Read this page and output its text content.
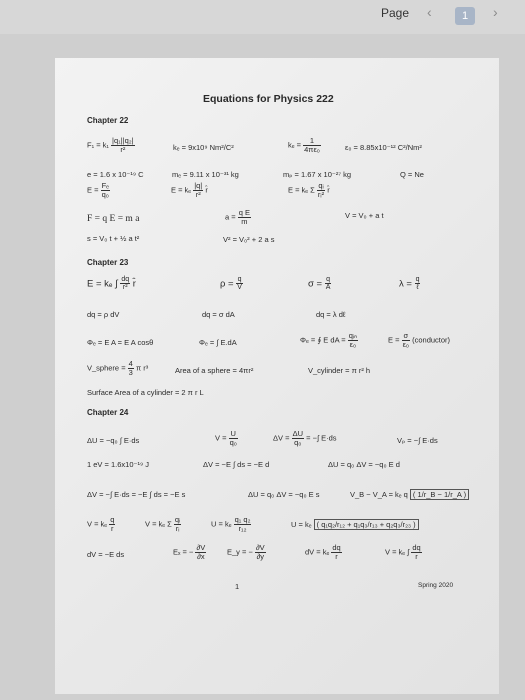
Page ‹	1	›
Equations for Physics 222
Chapter 22
$F_1 = k_1 \frac{\text{|q₁||q₂|}}{\text{r²}}$	kₑ = 9x10⁹ Nm²/C²	$k_e = \frac{1}{\text{4πε₀}}$	ε₀ = 8.85x10⁻¹² C²/Nm²
e = 1.6 x 10⁻¹⁹ C	mₑ = 9.11 x 10⁻³¹ kg	mₚ = 1.67 x 10⁻²⁷ kg	Q = Ne
$E = \frac{\text{Fₑ}}{\text{q₀}}$	E = kₑ $\frac{|q|}{\text{r²}}$ r̂	E = kₑ Σ $\frac{\text{qᵢ}}{\text{rᵢ²}}$ r̂
F = q E = m a	$a = \frac{\text{q E}}{m}$	V = V₀ + a t
s = V₀ t + ½ a t²	V² = V₀² + 2 a s
Chapter 23
E = kₑ ∫ $\frac{dq}{\text{r²}}$ r̂	$\rho = \frac{q}{V}$	$\sigma = \frac{q}{A}$	$\lambda = \frac{q}{\text{ℓ}}$
dq = ρ dV	dq = σ dA	dq = λ dℓ
Φₑ = E A = E A cosθ	Φₑ = ∫ E.dA	Φₑ = ∮ E dA = $\frac{\text{qᵢₙ}}{\text{ε₀}}$	$E = \frac{\sigma}{\text{ε₀}}$ (conductor)
V_sphere = $\frac{4}{3}$ π r³	Area of a sphere = 4πr²	V_cylinder = π r² h
Surface Area of a cylinder = 2 π r L
Chapter 24
ΔU = −q₀ ∫ E·ds	$V = \frac{U}{\text{q₀}}$	$\Delta V = \frac{\Delta U}{\text{q₀}}$ = −∫ E·ds	Vₚ = −∫ E·ds
1 eV = 1.6x10⁻¹⁹ J	ΔV = −E ∫ ds = −E d	ΔU = q₀ ΔV = −q₀ E d
ΔV = −∫ E·ds = −E ∫ ds = −E s	ΔU = q₀ ΔV = −q₀ E s	V_B − V_A = kₑ q ( 1/r_B − 1/r_A )
V = kₑ $\frac{q}{r}$	V = kₑ Σ $\frac{\text{qᵢ}}{\text{rᵢ}}$	U = kₑ $\frac{\text{q₁ q₂}}{\text{r₁₂}}$	U = kₑ ( q₁q₂/r₁₂ + q₁q₃/r₁₃ + q₂q₃/r₂₃ )
dV = −E ds	Eₓ = − $\frac{\partial V}{\partial x}$	E_y = − $\frac{\partial V}{\partial y}$	dV = kₑ $\frac{dq}{r}$	V = kₑ ∫ $\frac{dq}{r}$
1	Spring 2020
